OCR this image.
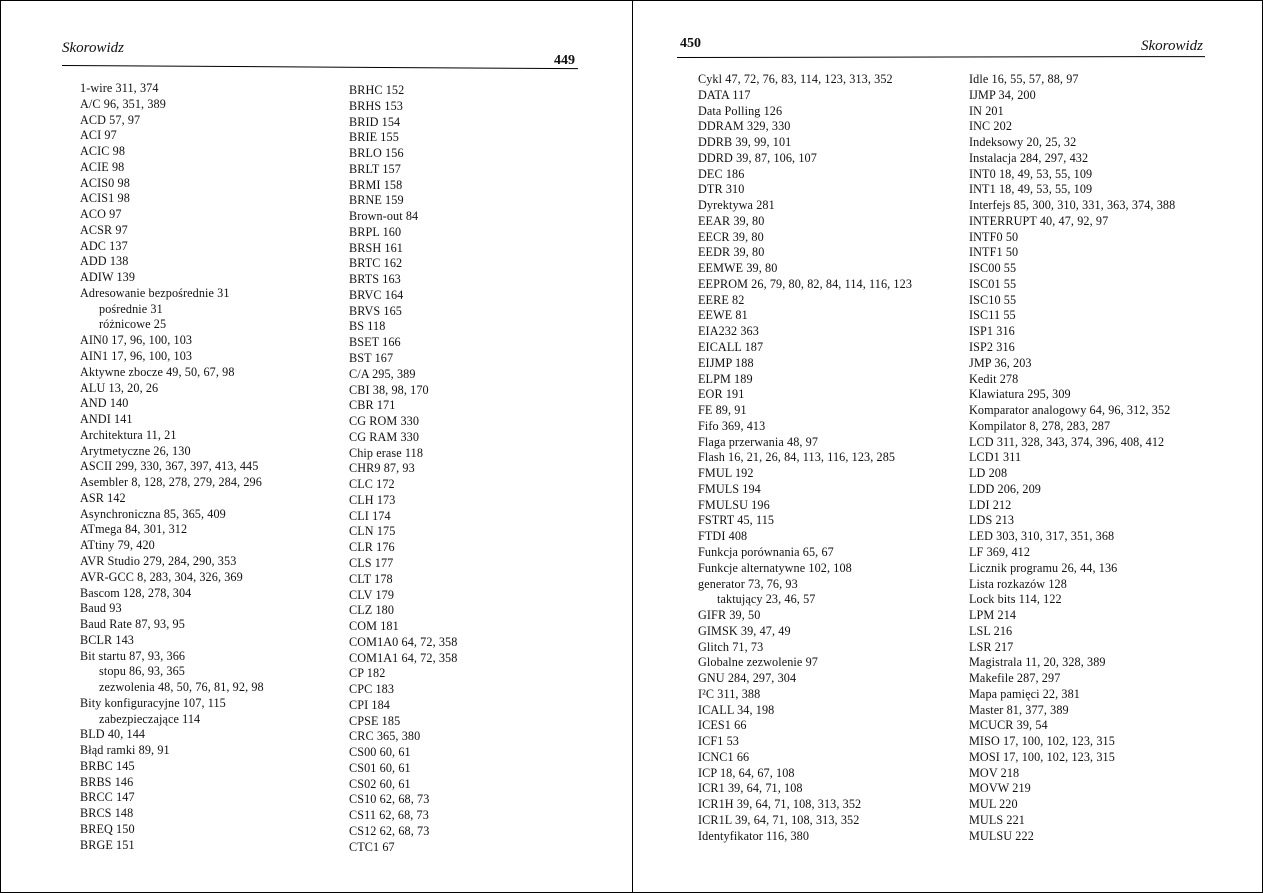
Skorowidz
449
1-wire 311, 374
A/C 96, 351, 389
ACD 57, 97
ACI 97
ACIC 98
ACIE 98
ACIS0 98
ACIS1 98
ACO 97
ACSR 97
ADC 137
ADD 138
ADIW 139
Adresowanie bezpośrednie 31
pośrednie 31
różnicowe 25
AIN0 17, 96, 100, 103
AIN1 17, 96, 100, 103
Aktywne zbocze 49, 50, 67, 98
ALU 13, 20, 26
AND 140
ANDI 141
Architektura 11, 21
Arytmetyczne 26, 130
ASCII 299, 330, 367, 397, 413, 445
Asembler 8, 128, 278, 279, 284, 296
ASR 142
Asynchroniczna 85, 365, 409
ATmega 84, 301, 312
ATtiny 79, 420
AVR Studio 279, 284, 290, 353
AVR-GCC 8, 283, 304, 326, 369
Bascom 128, 278, 304
Baud 93
Baud Rate 87, 93, 95
BCLR 143
Bit startu 87, 93, 366
stopu 86, 93, 365
zezwolenia 48, 50, 76, 81, 92, 98
Bity konfiguracyjne 107, 115
zabezpieczające 114
BLD 40, 144
Błąd ramki 89, 91
BRBC 145
BRBS 146
BRCC 147
BRCS 148
BREQ 150
BRGE 151
BRHC 152
BRHS 153
BRID 154
BRIE 155
BRLO 156
BRLT 157
BRMI 158
BRNE 159
Brown-out 84
BRPL 160
BRSH 161
BRTC 162
BRTS 163
BRVC 164
BRVS 165
BS 118
BSET 166
BST 167
C/A 295, 389
CBI 38, 98, 170
CBR 171
CG ROM 330
CG RAM 330
Chip erase 118
CHR9 87, 93
CLC 172
CLH 173
CLI 174
CLN 175
CLR 176
CLS 177
CLT 178
CLV 179
CLZ 180
COM 181
COM1A0 64, 72, 358
COM1A1 64, 72, 358
CP 182
CPC 183
CPI 184
CPSE 185
CRC 365, 380
CS00 60, 61
CS01 60, 61
CS02 60, 61
CS10 62, 68, 73
CS11 62, 68, 73
CS12 62, 68, 73
CTC1 67
450	Skorowidz
Cykl 47, 72, 76, 83, 114, 123, 313, 352
DATA 117
Data Polling 126
DDRAM 329, 330
DDRB 39, 99, 101
DDRD 39, 87, 106, 107
DEC 186
DTR 310
Dyrektywa 281
EEAR 39, 80
EECR 39, 80
EEDR 39, 80
EEMWE 39, 80
EEPROM 26, 79, 80, 82, 84, 114, 116, 123
EERE 82
EEWE 81
EIA232 363
EICALL 187
EIJMP 188
ELPM 189
EOR 191
FE 89, 91
Fifo 369, 413
Flaga przerwania 48, 97
Flash 16, 21, 26, 84, 113, 116, 123, 285
FMUL 192
FMULS 194
FMULSU 196
FSTRT 45, 115
FTDI 408
Funkcja porównania 65, 67
Funkcje alternatywne 102, 108
generator 73, 76, 93
taktujący 23, 46, 57
GIFR 39, 50
GIMSK 39, 47, 49
Glitch 71, 73
Globalne zezwolenie 97
GNU 284, 297, 304
I²C 311, 388
ICALL 34, 198
ICES1 66
ICF1 53
ICNC1 66
ICP 18, 64, 67, 108
ICR1 39, 64, 71, 108
ICR1H 39, 64, 71, 108, 313, 352
ICR1L 39, 64, 71, 108, 313, 352
Identyfikator 116, 380
Idle 16, 55, 57, 88, 97
IJMP 34, 200
IN 201
INC 202
Indeksowy 20, 25, 32
Instalacja 284, 297, 432
INT0 18, 49, 53, 55, 109
INT1 18, 49, 53, 55, 109
Interfejs 85, 300, 310, 331, 363, 374, 388
INTERRUPT 40, 47, 92, 97
INTF0 50
INTF1 50
ISC00 55
ISC01 55
ISC10 55
ISC11 55
ISP1 316
ISP2 316
JMP 36, 203
Kedit 278
Klawiatura 295, 309
Komparator analogowy 64, 96, 312, 352
Kompilator 8, 278, 283, 287
LCD 311, 328, 343, 374, 396, 408, 412
LCD1 311
LD 208
LDD 206, 209
LDI 212
LDS 213
LED 303, 310, 317, 351, 368
LF 369, 412
Licznik programu 26, 44, 136
Lista rozkazów 128
Lock bits 114, 122
LPM 214
LSL 216
LSR 217
Magistrala 11, 20, 328, 389
Makefile 287, 297
Mapa pamięci 22, 381
Master 81, 377, 389
MCUCR 39, 54
MISO 17, 100, 102, 123, 315
MOSI 17, 100, 102, 123, 315
MOV 218
MOVW 219
MUL 220
MULS 221
MULSU 222
